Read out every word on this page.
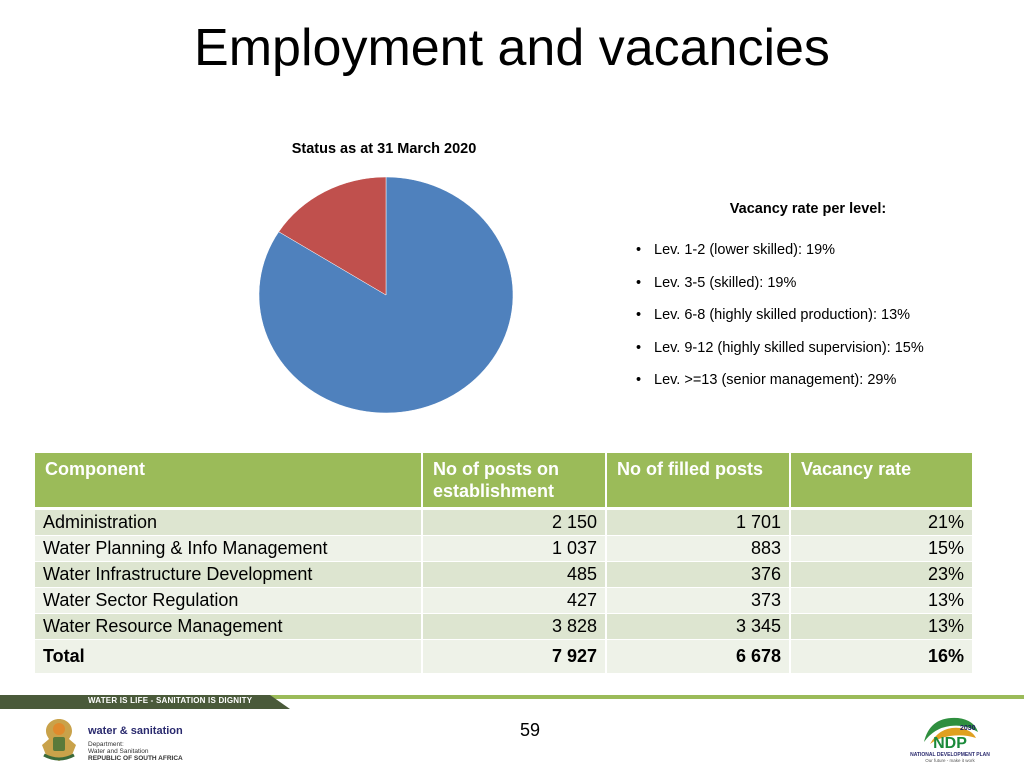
Employment and vacancies
Status as at 31 March 2020
Vacancy rate per level:
• Lev. 1-2 (lower skilled): 19%
• Lev. 3-5 (skilled): 19%
• Lev. 6-8 (highly skilled production): 13%
• Lev. 9-12 (highly skilled supervision): 15%
• Lev. >=13 (senior management): 29%
Component	No of posts on establishment	No of filled posts	Vacancy rate
Administration	2 150	1 701	21%
Water Planning & Info Management	1 037	883	15%
Water Infrastructure Development	485	376	23%
Water Sector Regulation	427	373	13%
Water Resource Management	3 828	3 345	13%
Total	7 927	6 678	16%
WATER IS LIFE - SANITATION IS DIGNITY
59
water & sanitation
Department:
Water and Sanitation
REPUBLIC OF SOUTH AFRICA
2030
NDP
NATIONAL DEVELOPMENT PLAN
Our future - make it work
